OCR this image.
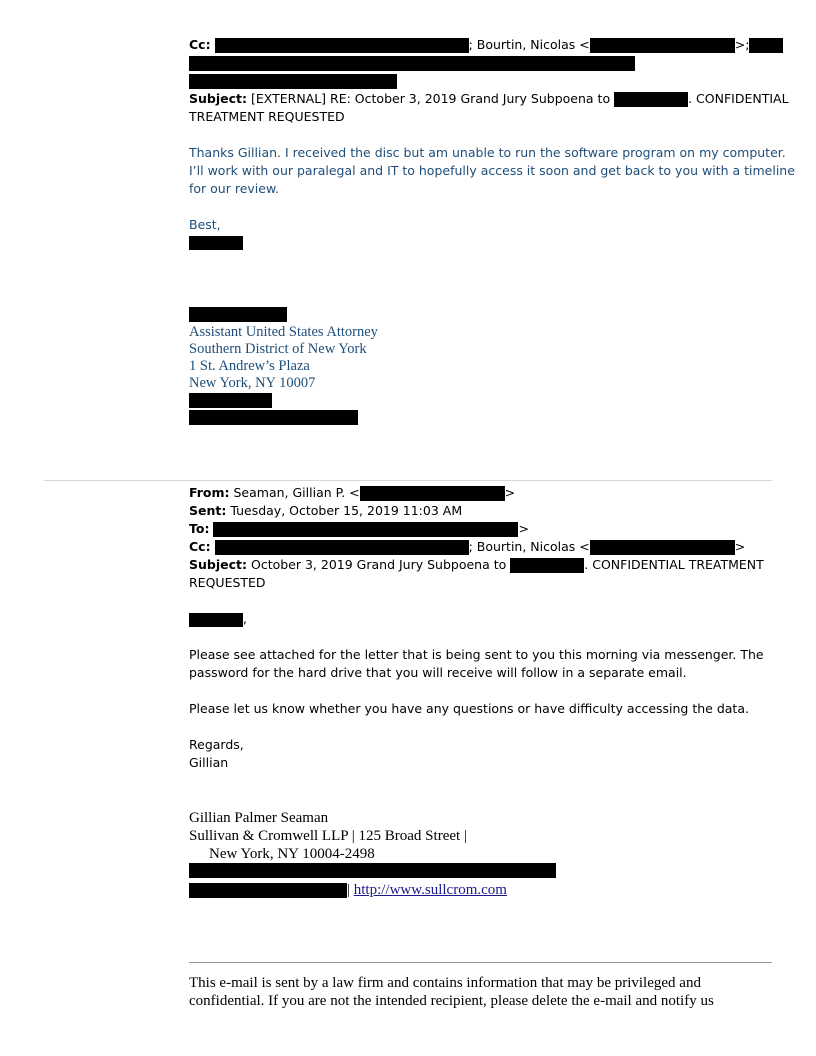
Cc:	; Bourtin, Nicolas <	>;
Subject: [EXTERNAL] RE: October 3, 2019 Grand Jury Subpoena to	. CONFIDENTIAL
TREATMENT REQUESTED
Thanks Gillian. I received the disc but am unable to run the software program on my computer.
I’ll work with our paralegal and IT to hopefully access it soon and get back to you with a timeline
for our review.
Best,
Assistant United States Attorney
Southern District of New York
1 St. Andrew’s Plaza
New York, NY 10007
From: Seaman, Gillian P. <	>
Sent: Tuesday, October 15, 2019 11:03 AM
To:	>
Cc:	; Bourtin, Nicolas <	>
Subject: October 3, 2019 Grand Jury Subpoena to	. CONFIDENTIAL TREATMENT
REQUESTED
,
Please see attached for the letter that is being sent to you this morning via messenger. The
password for the hard drive that you will receive will follow in a separate email.
Please let us know whether you have any questions or have difficulty accessing the data.
Regards,
Gillian
Gillian Palmer Seaman
Sullivan & Cromwell LLP | 125 Broad Street |
New York, NY 10004-2498
| http://www.sullcrom.com
This e-mail is sent by a law firm and contains information that may be privileged and
confidential. If you are not the intended recipient, please delete the e-mail and notify us
